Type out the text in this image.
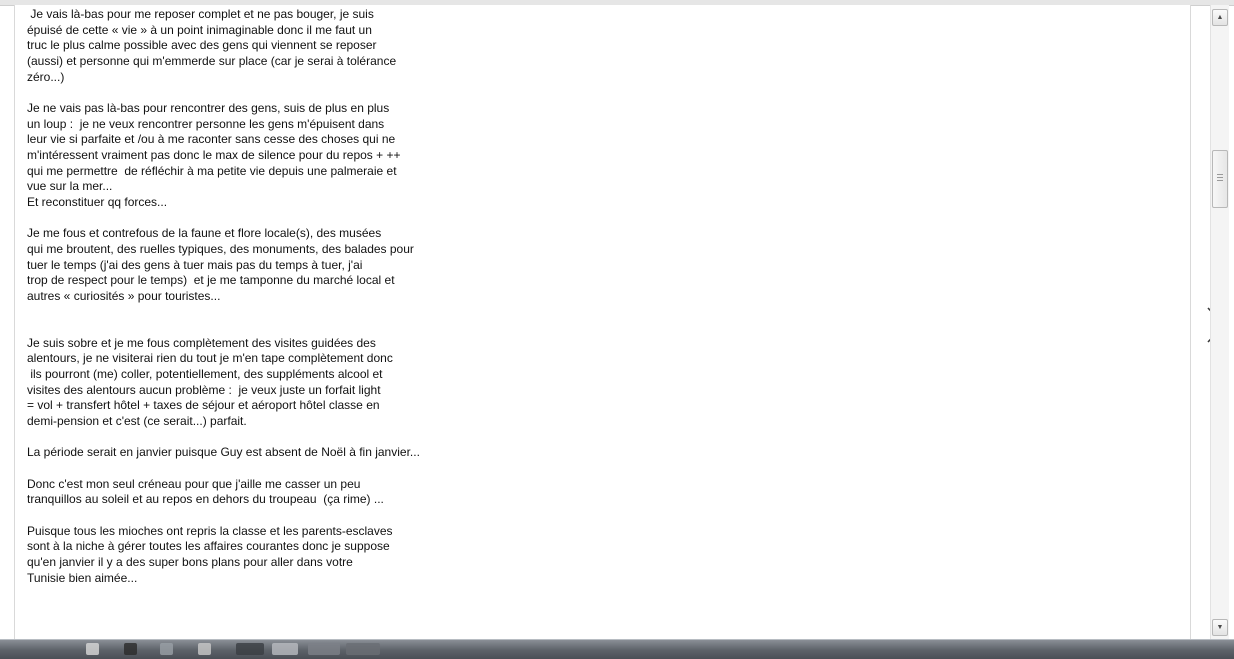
Je vais là-bas pour me reposer complet et ne pas bouger, je suis
épuisé de cette « vie » à un point inimaginable donc il me faut un
truc le plus calme possible avec des gens qui viennent se reposer
(aussi) et personne qui m'emmerde sur place (car je serai à tolérance
zéro...)

Je ne vais pas là-bas pour rencontrer des gens, suis de plus en plus
un loup :  je ne veux rencontrer personne les gens m'épuisent dans
leur vie si parfaite et /ou à me raconter sans cesse des choses qui ne
m'intéressent vraiment pas donc le max de silence pour du repos + ++
qui me permettre  de réfléchir à ma petite vie depuis une palmeraie et
vue sur la mer...
Et reconstituer qq forces...

Je me fous et contrefous de la faune et flore locale(s), des musées
qui me broutent, des ruelles typiques, des monuments, des balades pour
tuer le temps (j'ai des gens à tuer mais pas du temps à tuer, j'ai
trop de respect pour le temps)  et je me tamponne du marché local et
autres « curiosités » pour touristes...

Je suis sobre et je me fous complètement des visites guidées des
alentours, je ne visiterai rien du tout je m'en tape complètement donc
ils pourront (me) coller, potentiellement, des suppléments alcool et
visites des alentours aucun problème :  je veux juste un forfait light
= vol + transfert hôtel + taxes de séjour et aéroport hôtel classe en
demi-pension et c'est (ce serait...) parfait.

La période serait en janvier puisque Guy est absent de Noël à fin janvier...

Donc c'est mon seul créneau pour que j'aille me casser un peu
tranquillos au soleil et au repos en dehors du troupeau  (ça rime) ...

Puisque tous les mioches ont repris la classe et les parents-esclaves
sont à la niche à gérer toutes les affaires courantes donc je suppose
qu'en janvier il y a des super bons plans pour aller dans votre
Tunisie bien aimée...
▲
▼
